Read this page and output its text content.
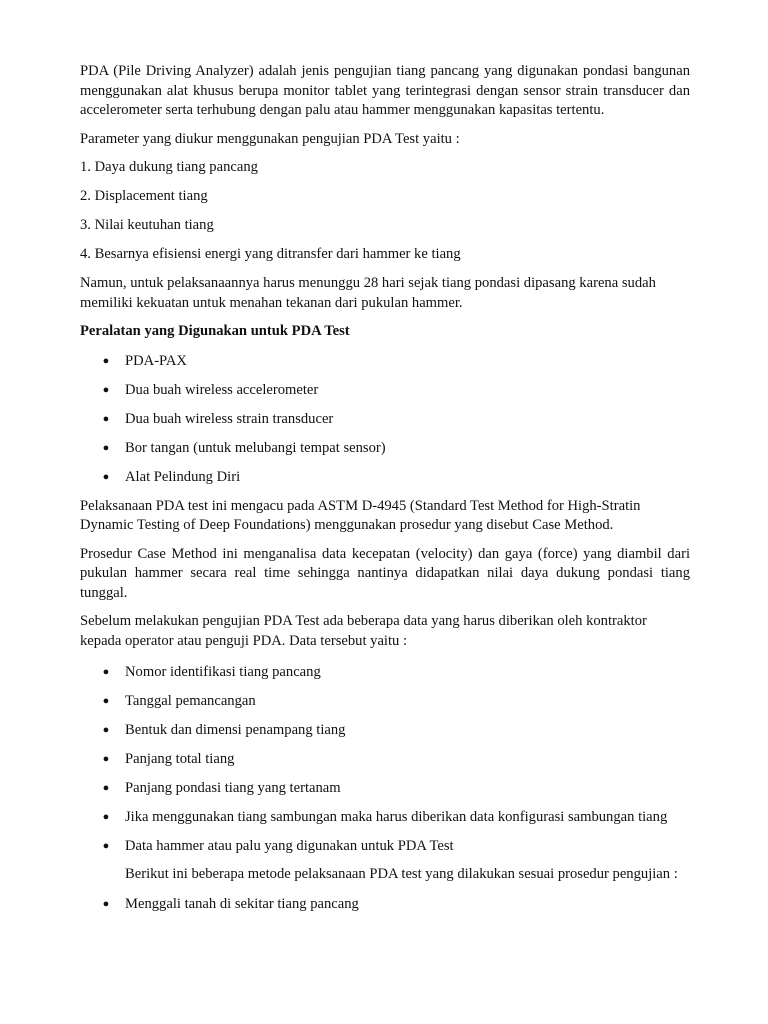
PDA (Pile Driving Analyzer) adalah jenis pengujian tiang pancang yang digunakan pondasi bangunan menggunakan alat khusus berupa monitor tablet yang terintegrasi dengan sensor strain transducer dan accelerometer serta terhubung dengan palu atau hammer menggunakan kapasitas tertentu.

Parameter yang diukur menggunakan pengujian PDA Test yaitu :

1. Daya dukung tiang pancang

2. Displacement tiang

3. Nilai keutuhan tiang

4. Besarnya efisiensi energi yang ditransfer dari hammer ke tiang

Namun, untuk pelaksanaannya harus menunggu 28 hari sejak tiang pondasi dipasang karena sudah memiliki kekuatan untuk menahan tekanan dari pukulan hammer.

Peralatan yang Digunakan untuk PDA Test

● PDA-PAX
● Dua buah wireless accelerometer
● Dua buah wireless strain transducer
● Bor tangan (untuk melubangi tempat sensor)
● Alat Pelindung Diri

Pelaksanaan PDA test ini mengacu pada ASTM D-4945 (Standard Test Method for High-Stratin Dynamic Testing of Deep Foundations) menggunakan prosedur yang disebut Case Method.

Prosedur Case Method ini menganalisa data kecepatan (velocity) dan gaya (force) yang diambil dari pukulan hammer secara real time sehingga nantinya didapatkan nilai daya dukung pondasi tiang tunggal.

Sebelum melakukan pengujian PDA Test ada beberapa data yang harus diberikan oleh kontraktor kepada operator atau penguji PDA. Data tersebut yaitu :

● Nomor identifikasi tiang pancang
● Tanggal pemancangan
● Bentuk dan dimensi penampang tiang
● Panjang total tiang
● Panjang pondasi tiang yang tertanam
● Jika menggunakan tiang sambungan maka harus diberikan data konfigurasi sambungan tiang
● Data hammer atau palu yang digunakan untuk PDA Test

Berikut ini beberapa metode pelaksanaan PDA test yang dilakukan sesuai prosedur pengujian :

● Menggali tanah di sekitar tiang pancang
